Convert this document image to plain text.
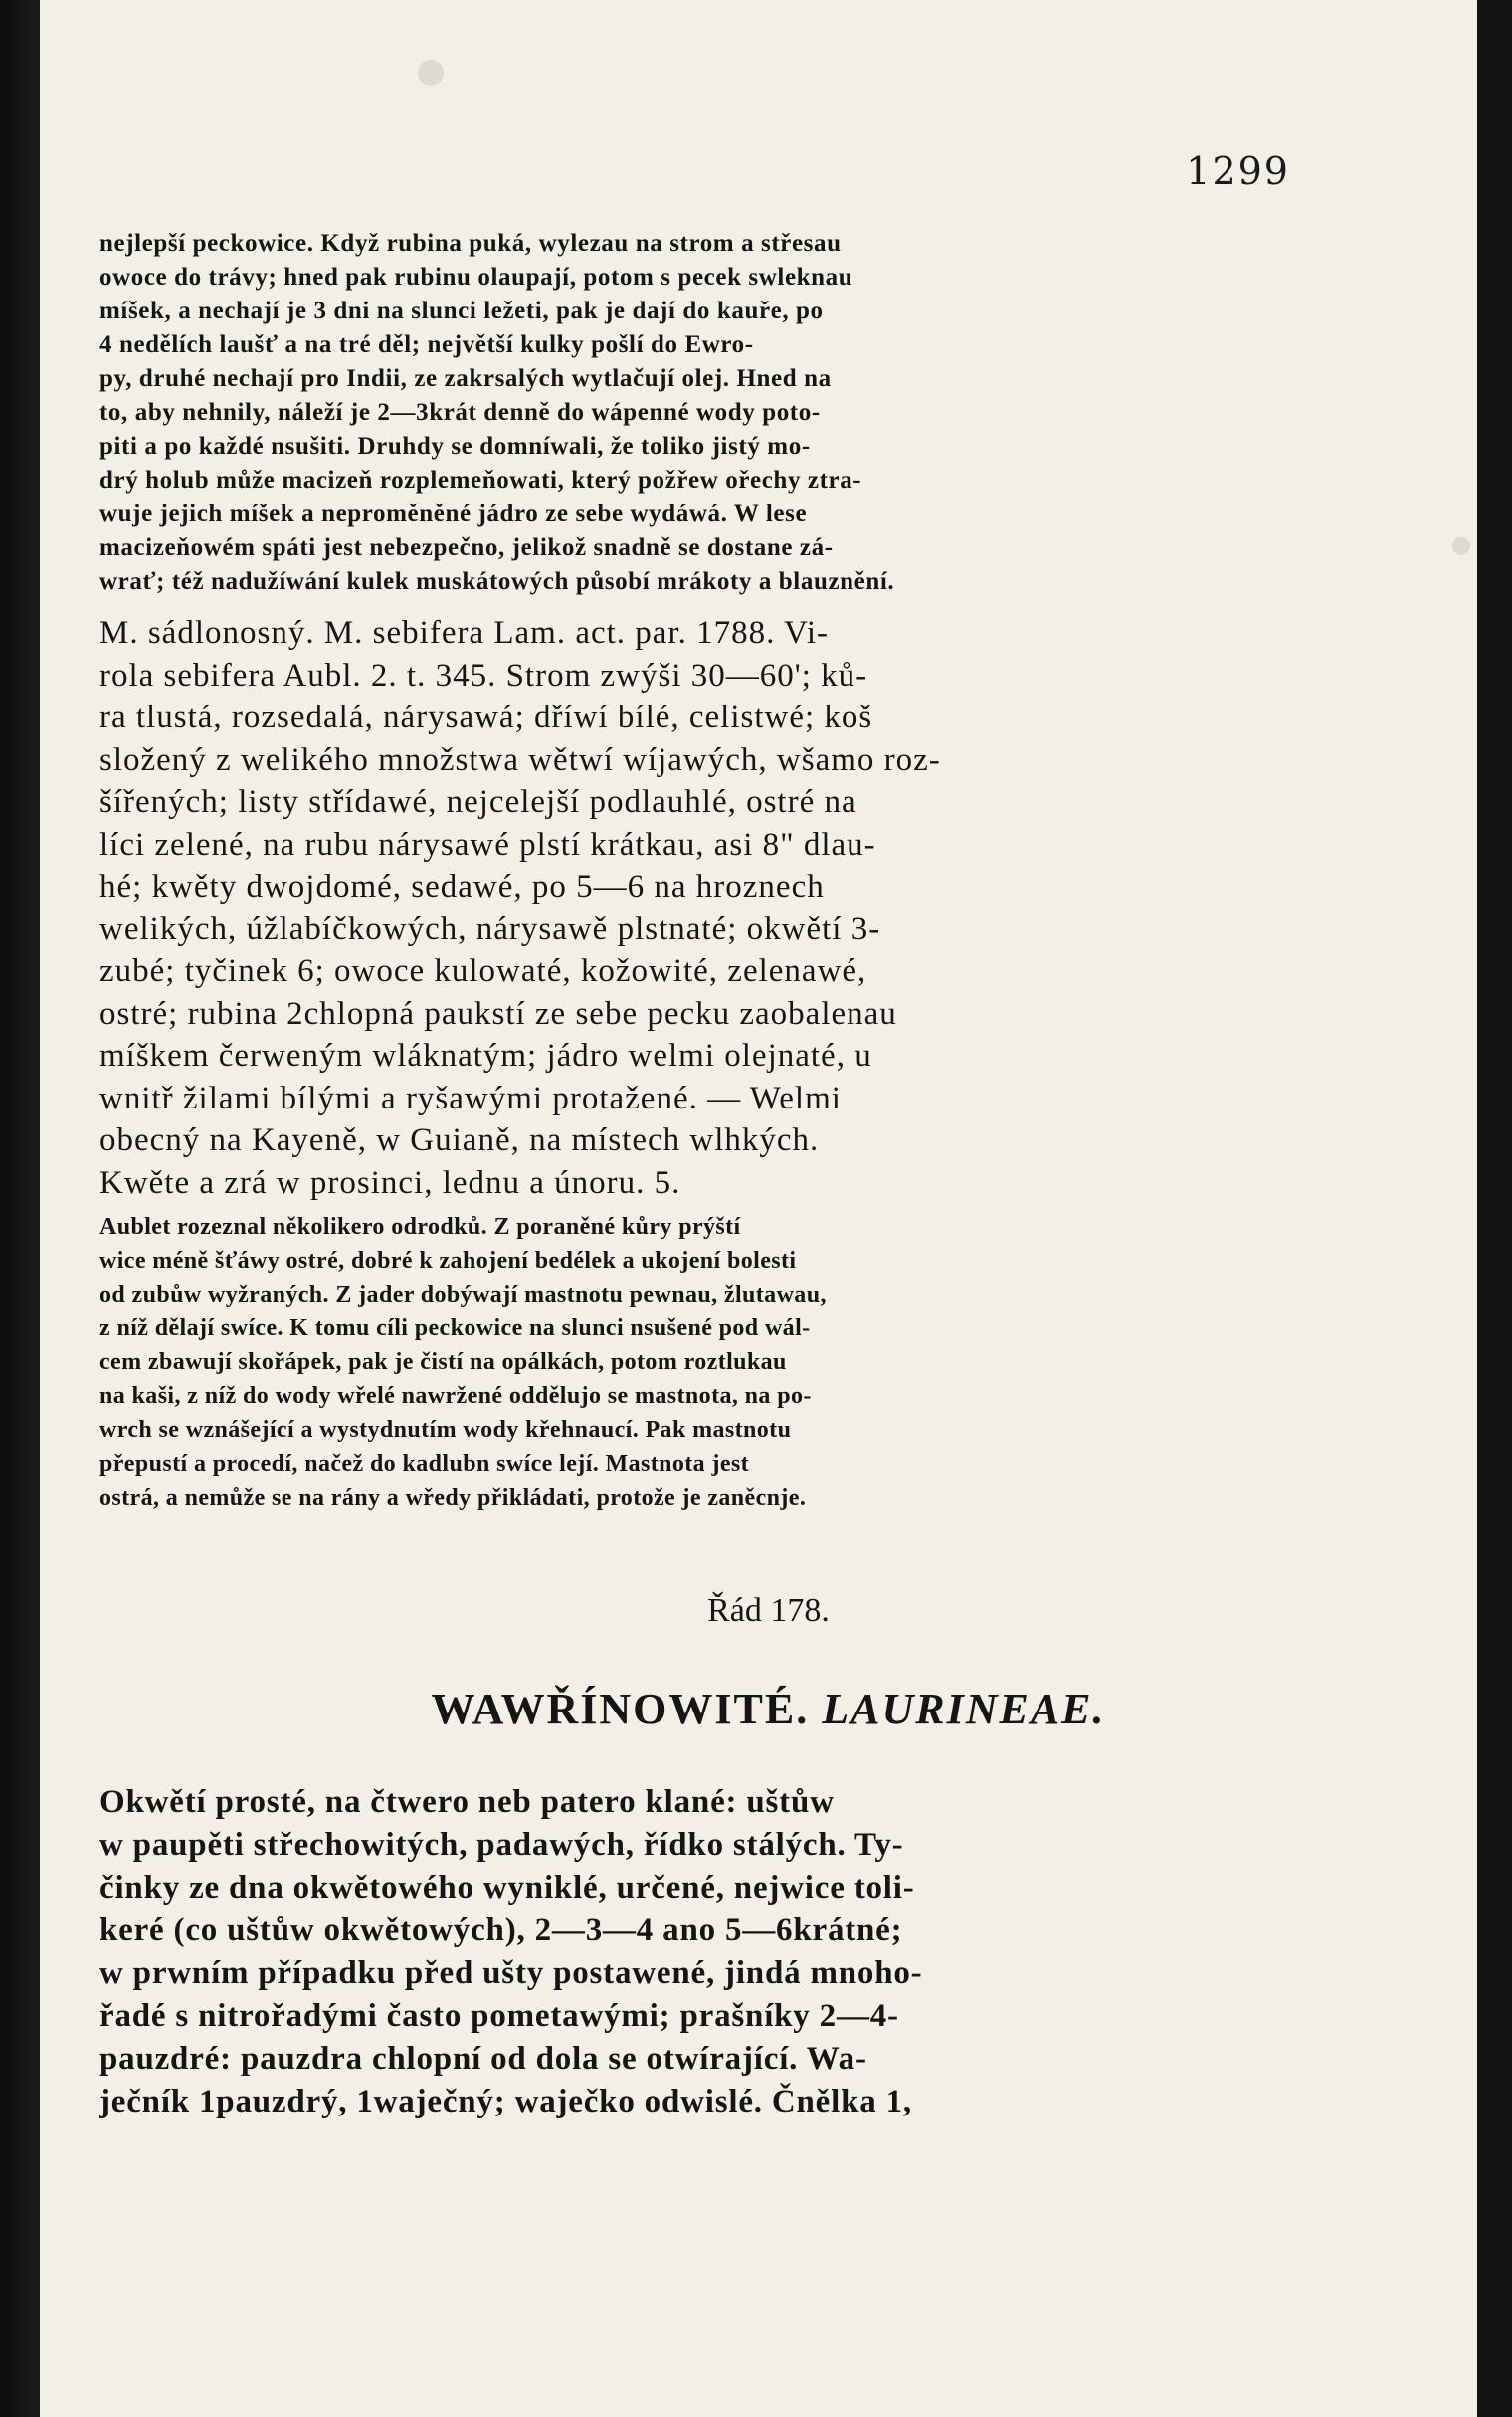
1299
nejlepší peckowice. Když rubina puká, wylezau na strom a střesau
owoce do trávy; hned pak rubinu olaupají, potom s pecek swleknau
míšek, a nechají je 3 dni na slunci ležeti, pak je dají do kauře, po
4 nedělích laušť a na tré děl; největší kulky pošlí do Ewro-
py, druhé nechají pro Indii, ze zakrsalých wytlačují olej. Hned na
to, aby nehnily, náleží je 2—3krát denně do wápenné wody poto-
piti a po každé nsušiti. Druhdy se domníwali, že toliko jistý mo-
drý holub může macizeň rozplemeňowati, který požřew ořechy ztra-
wuje jejich míšek a neproměněné jádro ze sebe wydáwá. W lese
macizeňowém spáti jest nebezpečno, jelikož snadně se dostane zá-
wrať; též nadužíwání kulek muskátowých působí mrákoty a blauznění.
M. sádlonosný. M. sebifera Lam. act. par. 1788. Vi-
rola sebifera Aubl. 2. t. 345. Strom zwýši 30—60'; ků-
ra tlustá, rozsedalá, nárysawá; dříwí bílé, celistwé; koš
složený z welikého množstwa wětwí wíjawých, wšamo roz-
šířených; listy střídawé, nejcelejší podlauhlé, ostré na
líci zelené, na rubu nárysawé plstí krátkau, asi 8" dlau-
hé; kwěty dwojdomé, sedawé, po 5—6 na hroznech
welikých, úžlabíčkowých, nárysawě plstnaté; okwětí 3-
zubé; tyčinek 6; owoce kulowaté, kožowité, zelenawé,
ostré; rubina 2chlopná paukstí ze sebe pecku zaobalenau
míškem čerweným wláknatým; jádro welmi olejnaté, u
wnitř žilami bílými a ryšawými protažené. — Welmi
obecný na Kayeně, w Guianě, na místech wlhkých.
Kwěte a zrá w prosinci, lednu a únoru. 5.
Aublet rozeznal několikero odrodků. Z poraněné kůry prýští
wice méně šťáwy ostré, dobré k zahojení bedélek a ukojení bolesti
od zubůw wyžraných. Z jader dobýwají mastnotu pewnau, žlutawau,
z níž dělají swíce. K tomu cíli peckowice na slunci nsušené pod wál-
cem zbawují skořápek, pak je čistí na opálkách, potom roztlukau
na kaši, z níž do wody wřelé nawržené oddělujo se mastnota, na po-
wrch se wznášející a wystydnutím wody křehnaucí. Pak mastnotu
přepustí a procedí, načež do kadlubn swíce lejí. Mastnota jest
ostrá, a nemůže se na rány a wředy přikládati, protože je zaněcnje.
Řád 178.
WAWŘÍNOWITÉ. LAURINEAE.
Okwětí prosté, na čtwero neb patero klané: uštůw
w paupěti střechowitých, padawých, řídko stálých. Ty-
činky ze dna okwětowého wyniklé, určené, nejwice toli-
keré (co uštůw okwětowých), 2—3—4 ano 5—6krátné;
w prwním případku před ušty postawené, jindá mnoho-
řadé s nitrořadými často pometawými; prašníky 2—4-
pauzdré: pauzdra chlopní od dola se otwírající. Wa-
ječník 1pauzdrý, 1waječný; waječko odwislé. Čnělka 1,
